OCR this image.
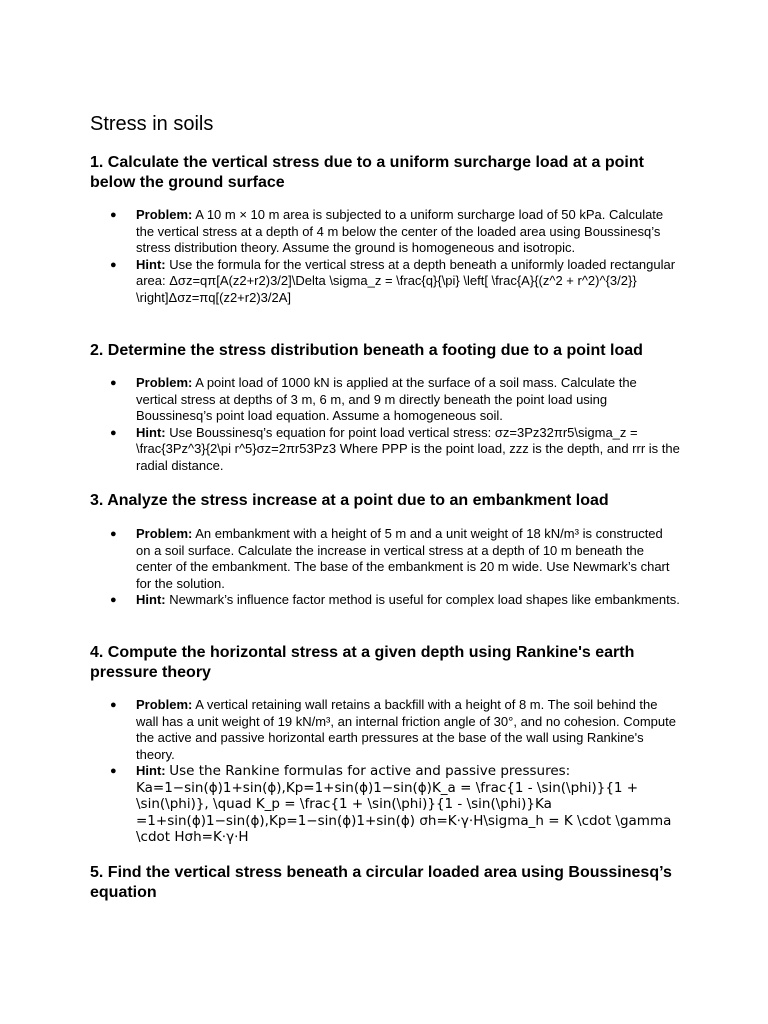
Stress in soils
1. Calculate the vertical stress due to a uniform surcharge load at a point below the ground surface
● Problem: A 10 m × 10 m area is subjected to a uniform surcharge load of 50 kPa. Calculate the vertical stress at a depth of 4 m below the center of the loaded area using Boussinesq’s stress distribution theory. Assume the ground is homogeneous and isotropic.
● Hint: Use the formula for the vertical stress at a depth beneath a uniformly loaded rectangular area: Δσz=qπ[A(z2+r2)3/2]\Delta \sigma_z = \frac{q}{\pi} \left[ \frac{A}{(z^2 + r^2)^{3/2}} \right]Δσz=πq[(z2+r2)3/2A]
2. Determine the stress distribution beneath a footing due to a point load
● Problem: A point load of 1000 kN is applied at the surface of a soil mass. Calculate the vertical stress at depths of 3 m, 6 m, and 9 m directly beneath the point load using Boussinesq’s point load equation. Assume a homogeneous soil.
● Hint: Use Boussinesq’s equation for point load vertical stress: σz=3Pz32πr5\sigma_z = \frac{3Pz^3}{2\pi r^5}σz=2πr53Pz3 Where PPP is the point load, zzz is the depth, and rrr is the radial distance.
3. Analyze the stress increase at a point due to an embankment load
● Problem: An embankment with a height of 5 m and a unit weight of 18 kN/m³ is constructed on a soil surface. Calculate the increase in vertical stress at a depth of 10 m beneath the center of the embankment. The base of the embankment is 20 m wide. Use Newmark’s chart for the solution.
● Hint: Newmark’s influence factor method is useful for complex load shapes like embankments.
4. Compute the horizontal stress at a given depth using Rankine's earth pressure theory
● Problem: A vertical retaining wall retains a backfill with a height of 8 m. The soil behind the wall has a unit weight of 19 kN/m³, an internal friction angle of 30°, and no cohesion. Compute the active and passive horizontal earth pressures at the base of the wall using Rankine's theory.
● Hint: Use the Rankine formulas for active and passive pressures: Ka=1−sin(ϕ)1+sin(ϕ),Kp=1+sin(ϕ)1−sin(ϕ)K_a = \frac{1 - \sin(\phi)}{1 + \sin(\phi)}, \quad K_p = \frac{1 + \sin(\phi)}{1 - \sin(\phi)}Ka =1+sin(ϕ)1−sin(ϕ),Kp=1−sin(ϕ)1+sin(ϕ) σh=K⋅γ⋅H\sigma_h = K \cdot \gamma \cdot Hσh=K⋅γ⋅H
5. Find the vertical stress beneath a circular loaded area using Boussinesq’s equation
